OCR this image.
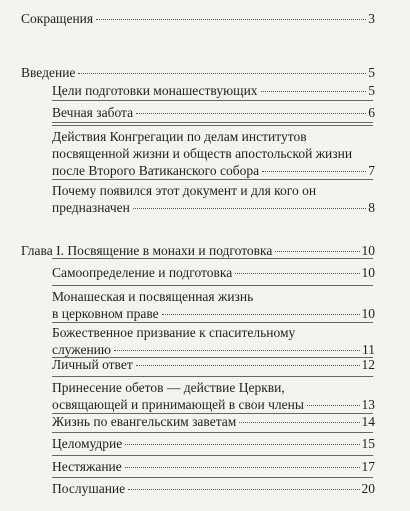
Сокращения	3
Введение	5
Цели подготовки монашествующих	5
Вечная забота	6
Действия Конгрегации по делам институтов
посвященной жизни и обществ апостольской жизни
после Второго Ватиканского собора	7
Почему появился этот документ и для кого он
предназначен	8
Глава I. Посвящение в монахи и подготовка	10
Самоопределение и подготовка	10
Монашеская и посвященная жизнь
в церковном праве	10
Божественное призвание к спасительному
служению	11
Личный ответ	12
Принесение обетов — действие Церкви,
освящающей и принимающей в свои члены	13
Жизнь по евангельским заветам	14
Целомудрие	15
Нестяжание	17
Послушание	20
